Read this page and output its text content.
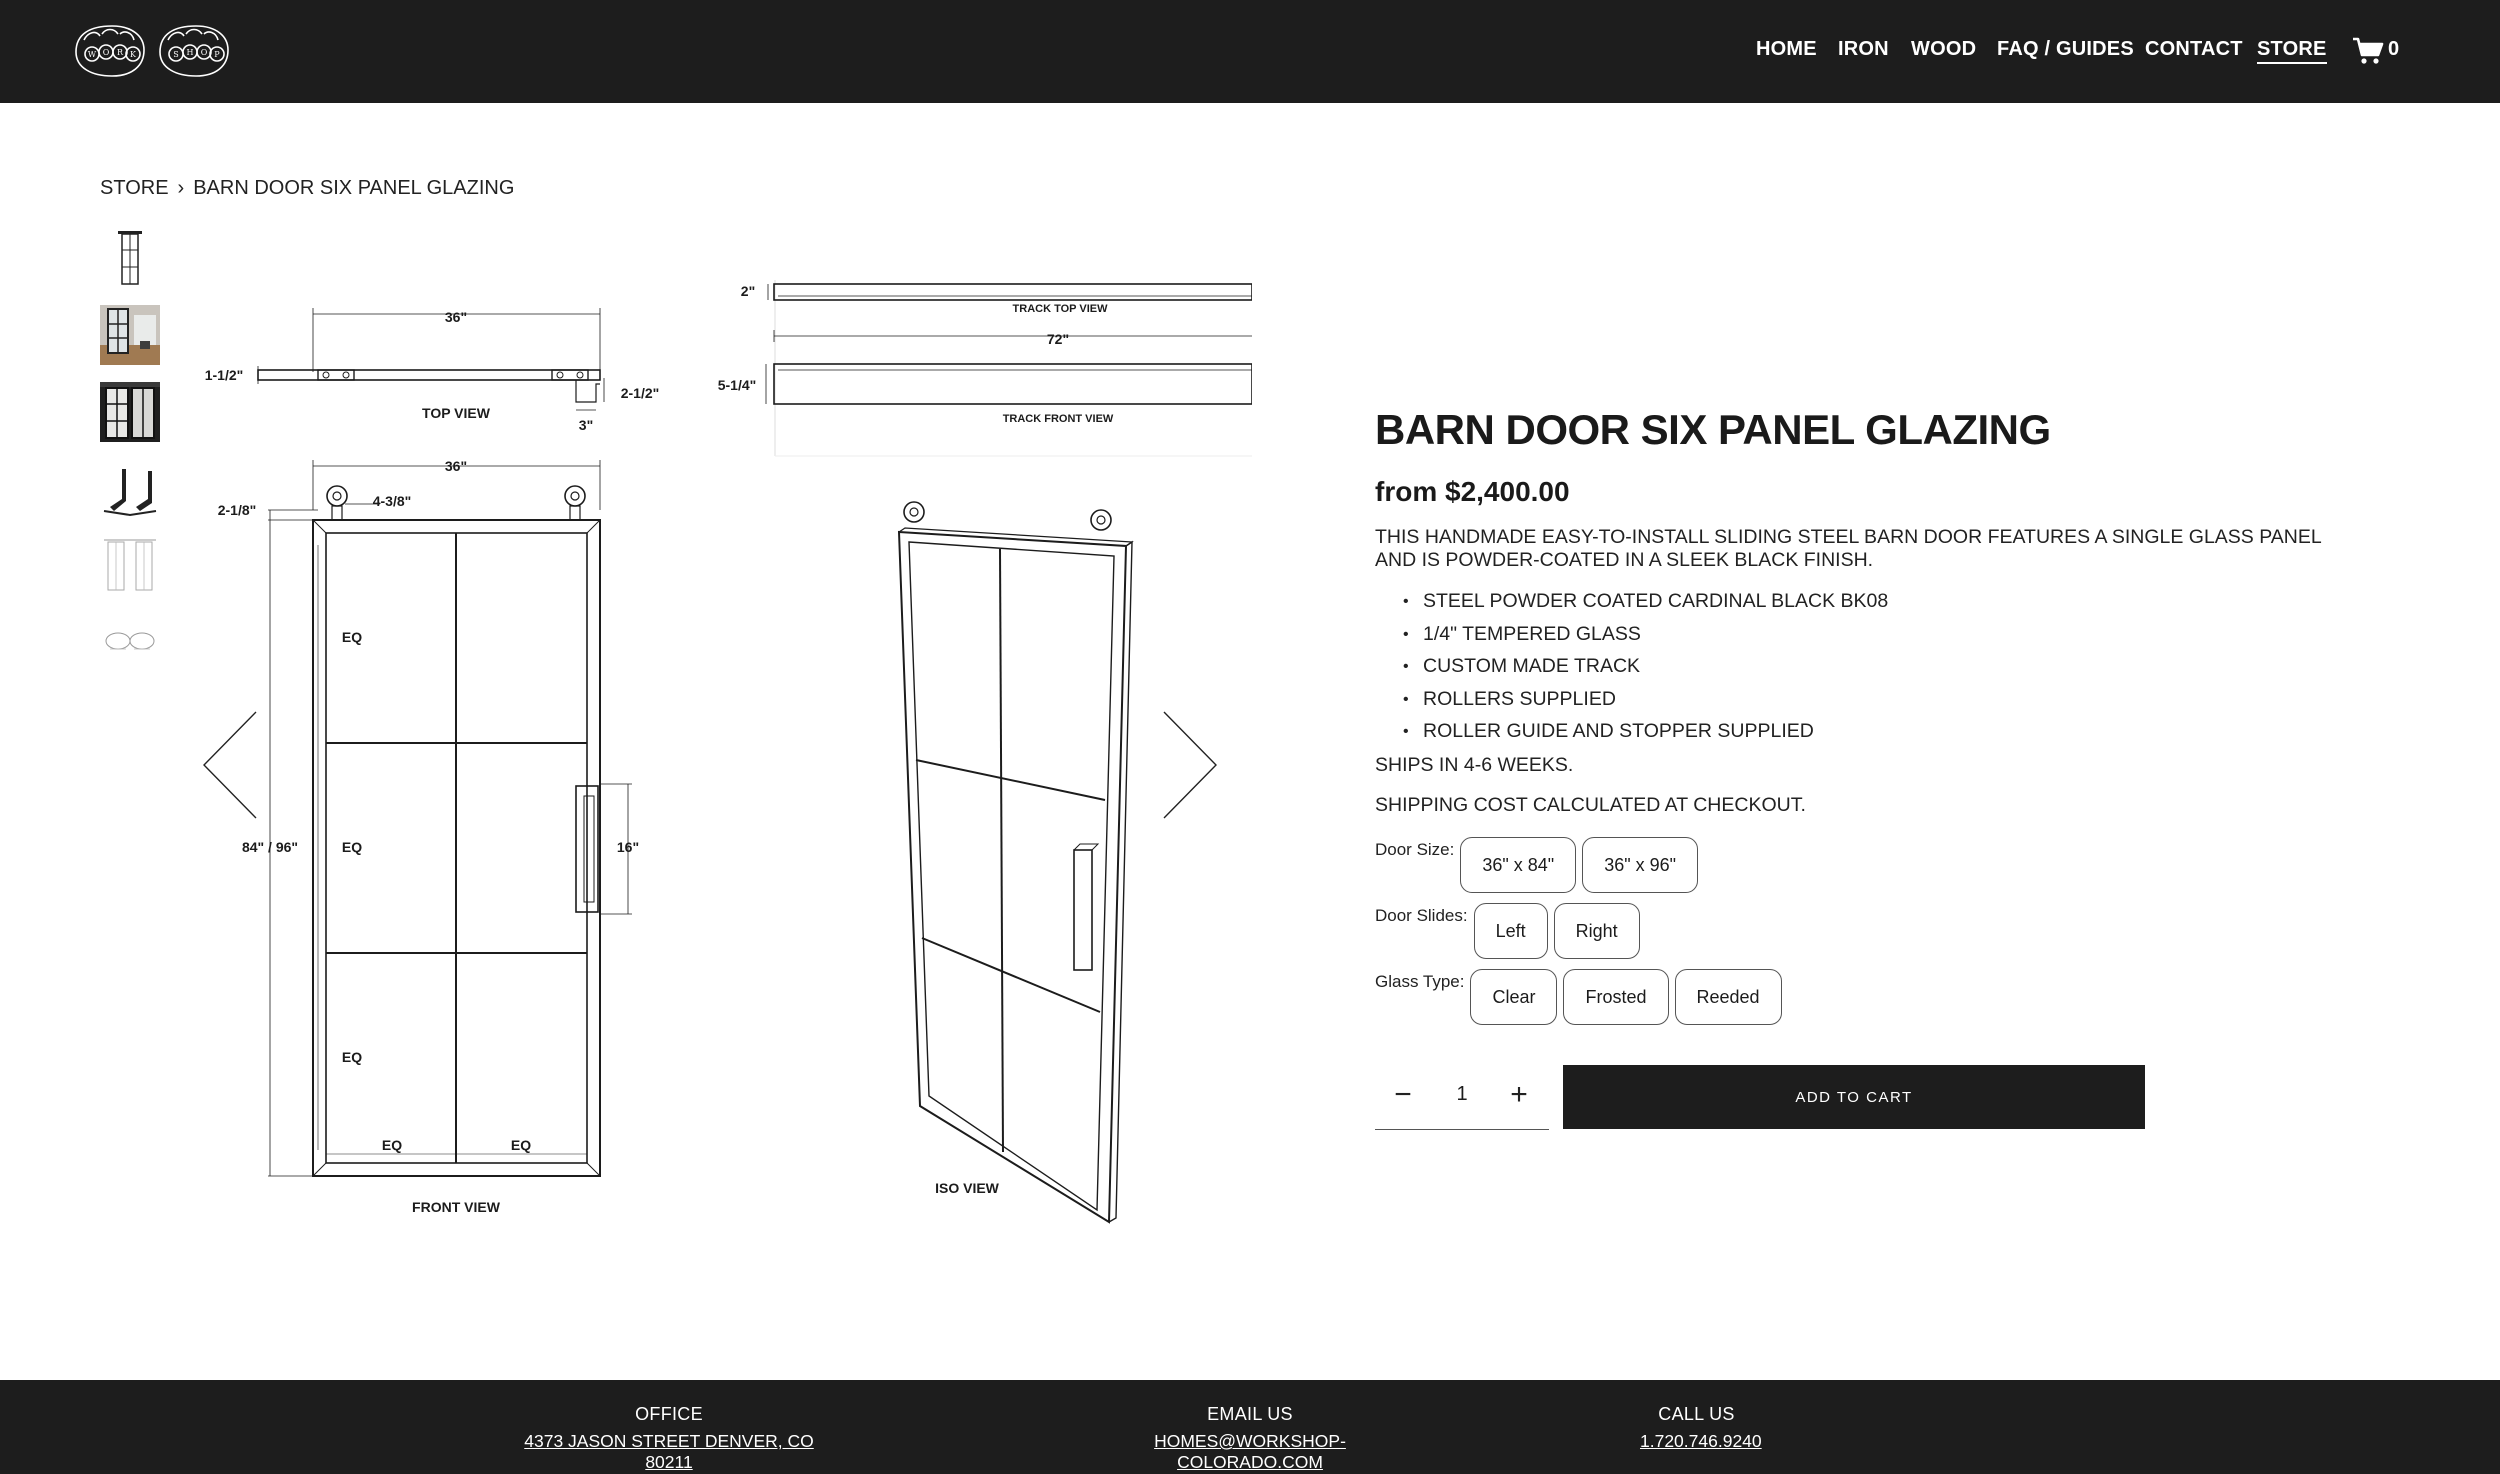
W O R K	S H O P	HOME IRON WOOD FAQ / GUIDES CONTACT STORE	0
STORE › BARN DOOR SIX PANEL GLAZING
36"
1-1/2"
2-1/2"
3"
TOP VIEW
2"
TRACK TOP VIEW
72"
5-1/4"
TRACK FRONT VIEW
36"
4-3/8"
2-1/8"
84" / 96"
EQ
EQ
EQ
EQ	EQ
16"
FRONT VIEW
ISO VIEW
BARN DOOR SIX PANEL GLAZING
from $2,400.00

THIS HANDMADE EASY-TO-INSTALL SLIDING STEEL BARN DOOR FEATURES A SINGLE GLASS PANEL AND IS POWDER-COATED IN A SLEEK BLACK FINISH.

• STEEL POWDER COATED CARDINAL BLACK BK08
• 1/4" TEMPERED GLASS
• CUSTOM MADE TRACK
• ROLLERS SUPPLIED
• ROLLER GUIDE AND STOPPER SUPPLIED

SHIPS IN 4-6 WEEKS.

SHIPPING COST CALCULATED AT CHECKOUT.

Door Size:
36" x 84"	36" x 96"
Door Slides:
Left	Right
Glass Type:
Clear	Frosted	Reeded
−	1	+	ADD TO CART
OFFICE
4373 JASON STREET DENVER, CO 80211
EMAIL US
HOMES@WORKSHOP-COLORADO.COM
CALL US
1.720.746.9240
